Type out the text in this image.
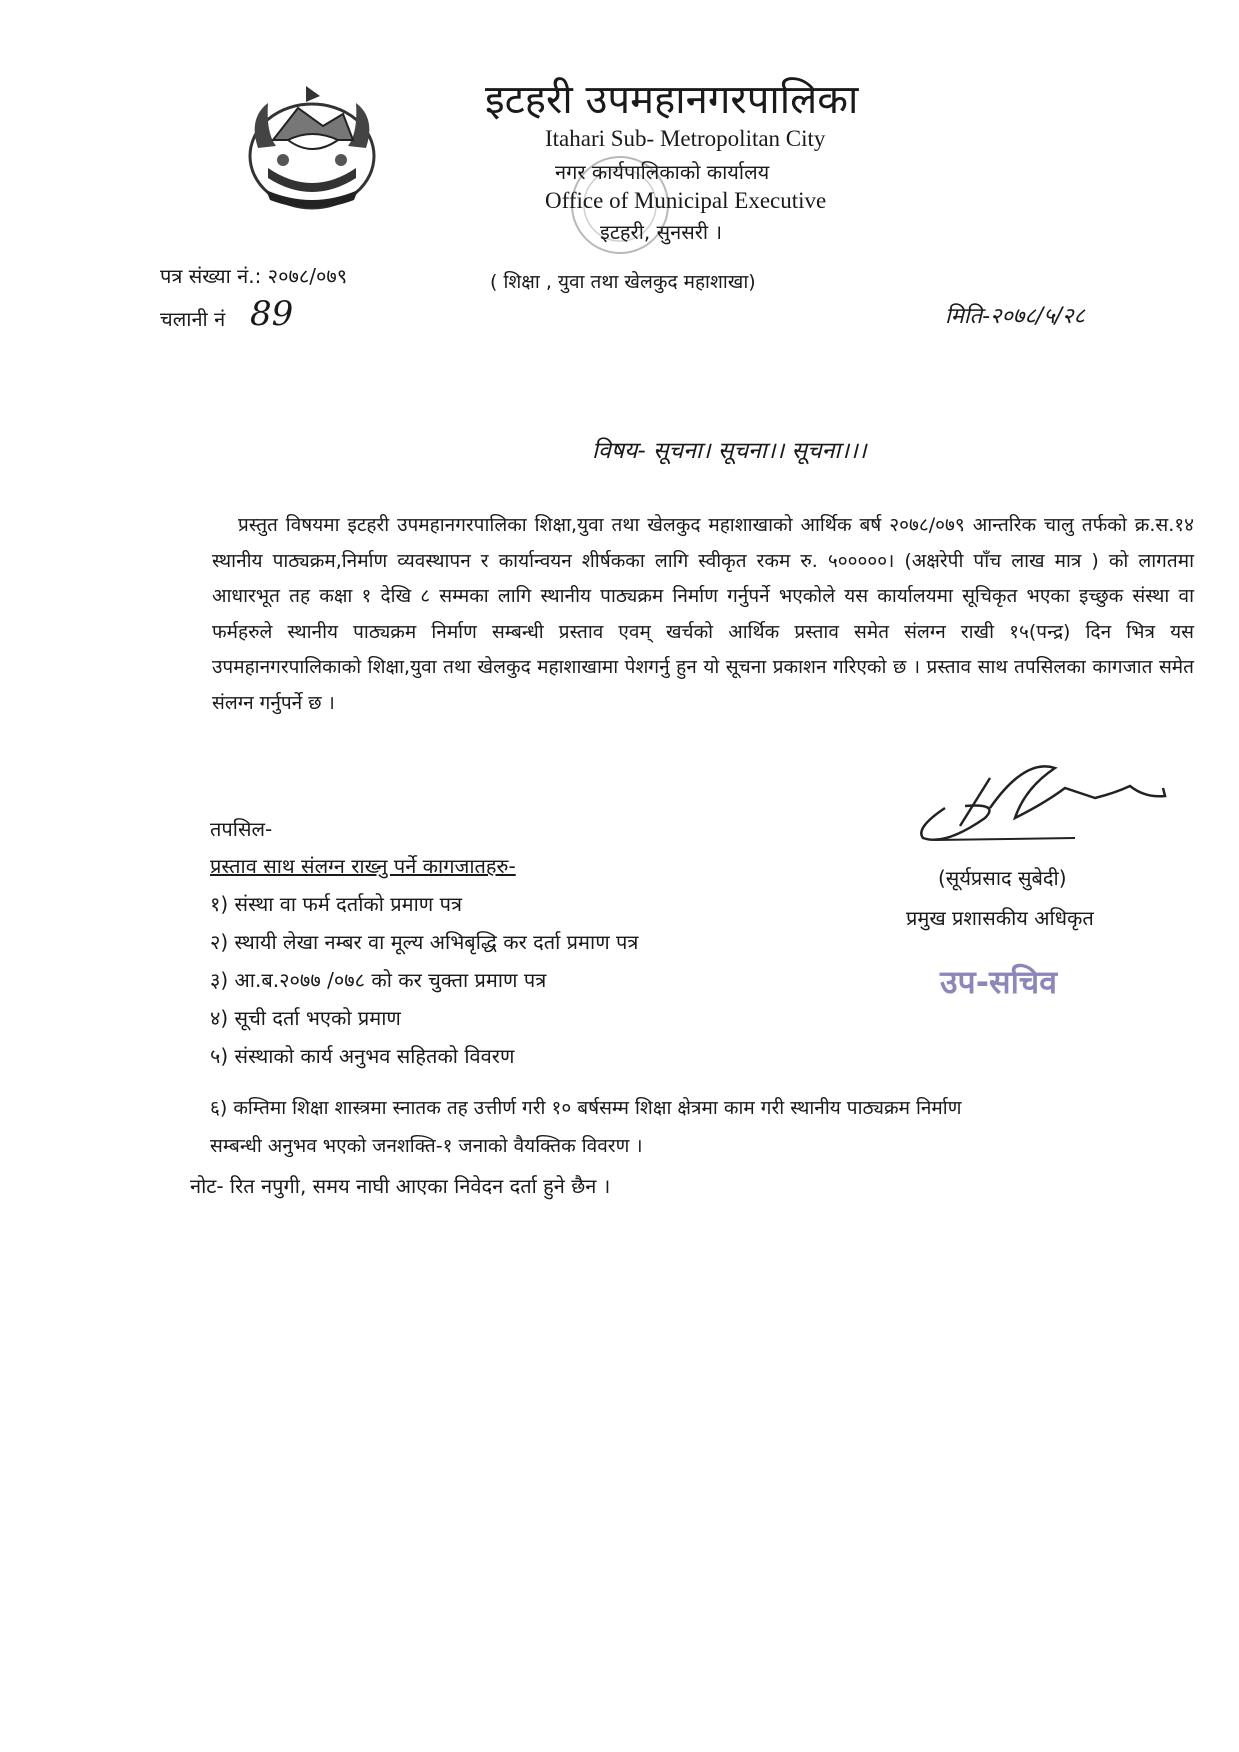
इटहरी उपमहानगरपालिका
Itahari Sub- Metropolitan City
नगर कार्यपालिकाको कार्यालय
Office of Municipal Executive
इटहरी, सुनसरी ।
( शिक्षा , युवा तथा खेलकुद महाशाखा)
पत्र संख्या नं.: २०७८/०७९
चलानी नं 89	मिति-२०७८/५/२८
विषय- सूचना। सूचना।। सूचना।।।
प्रस्तुत विषयमा इटहरी उपमहानगरपालिका शिक्षा,युवा तथा खेलकुद महाशाखाको आर्थिक बर्ष २०७८/०७९ आन्तरिक चालु तर्फको क्र.स.१४ स्थानीय पाठ्यक्रम,निर्माण व्यवस्थापन र कार्यान्वयन शीर्षकका लागि स्वीकृत रकम रु. ५०००००। (अक्षरेपी पाँच लाख मात्र ) को लागतमा आधारभूत तह कक्षा १ देखि ८ सम्मका लागि स्थानीय पाठ्यक्रम निर्माण गर्नुपर्ने भएकोले यस कार्यालयमा सूचिकृत भएका इच्छुक संस्था वा फर्महरुले स्थानीय पाठ्यक्रम निर्माण सम्बन्धी प्रस्ताव एवम् खर्चको आर्थिक प्रस्ताव समेत संलग्न राखी १५(पन्द्र) दिन भित्र यस उपमहानगरपालिकाको शिक्षा,युवा तथा खेलकुद महाशाखामा पेशगर्नु हुन यो सूचना प्रकाशन गरिएको छ । प्रस्ताव साथ तपसिलका कागजात समेत संलग्न गर्नुपर्ने छ ।
तपसिल-
प्रस्ताव साथ संलग्न राख्नु पर्ने कागजातहरु-
१) संस्था वा फर्म दर्ताको प्रमाण पत्र
२) स्थायी लेखा नम्बर वा मूल्य अभिबृद्धि कर दर्ता प्रमाण पत्र
३) आ.ब.२०७७ /०७८ को कर चुक्ता प्रमाण पत्र
४) सूची दर्ता भएको प्रमाण
५) संस्थाको कार्य अनुभव सहितको विवरण
६) कम्तिमा शिक्षा शास्त्रमा स्नातक तह उत्तीर्ण गरी १० बर्षसम्म शिक्षा क्षेत्रमा काम गरी स्थानीय पाठ्यक्रम निर्माण
सम्बन्धी अनुभव भएको जनशक्ति-१ जनाको वैयक्तिक विवरण ।
नोट- रित नपुगी, समय नाघी आएका निवेदन दर्ता हुने छैन ।
(सूर्यप्रसाद सुबेदी)
प्रमुख प्रशासकीय अधिकृत
उप-सचिव
